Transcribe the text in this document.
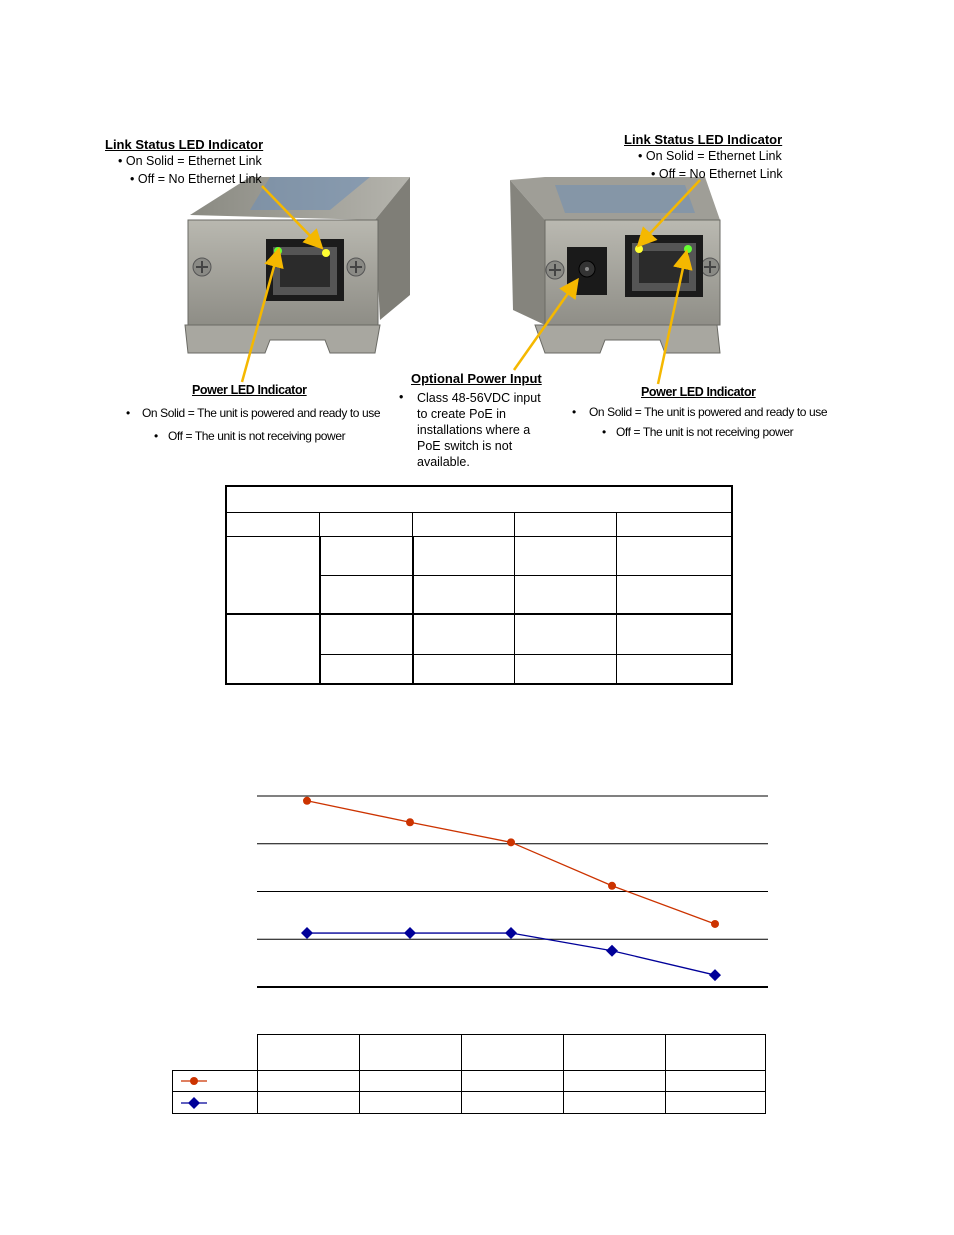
Link Status LED Indicator
• On Solid = Ethernet Link
• Off = No Ethernet Link
Power LED Indicator
• On Solid = The unit is powered and ready to use
• Off = The unit is not receiving power
Link Status LED Indicator
• On Solid = Ethernet Link
• Off = No Ethernet Link
Power LED Indicator
• On Solid = The unit is powered and ready to use
• Off = The unit is not receiving power
Optional Power Input
• Class 48-56VDC input
to create PoE in
installations where a
PoE switch is not
available.
